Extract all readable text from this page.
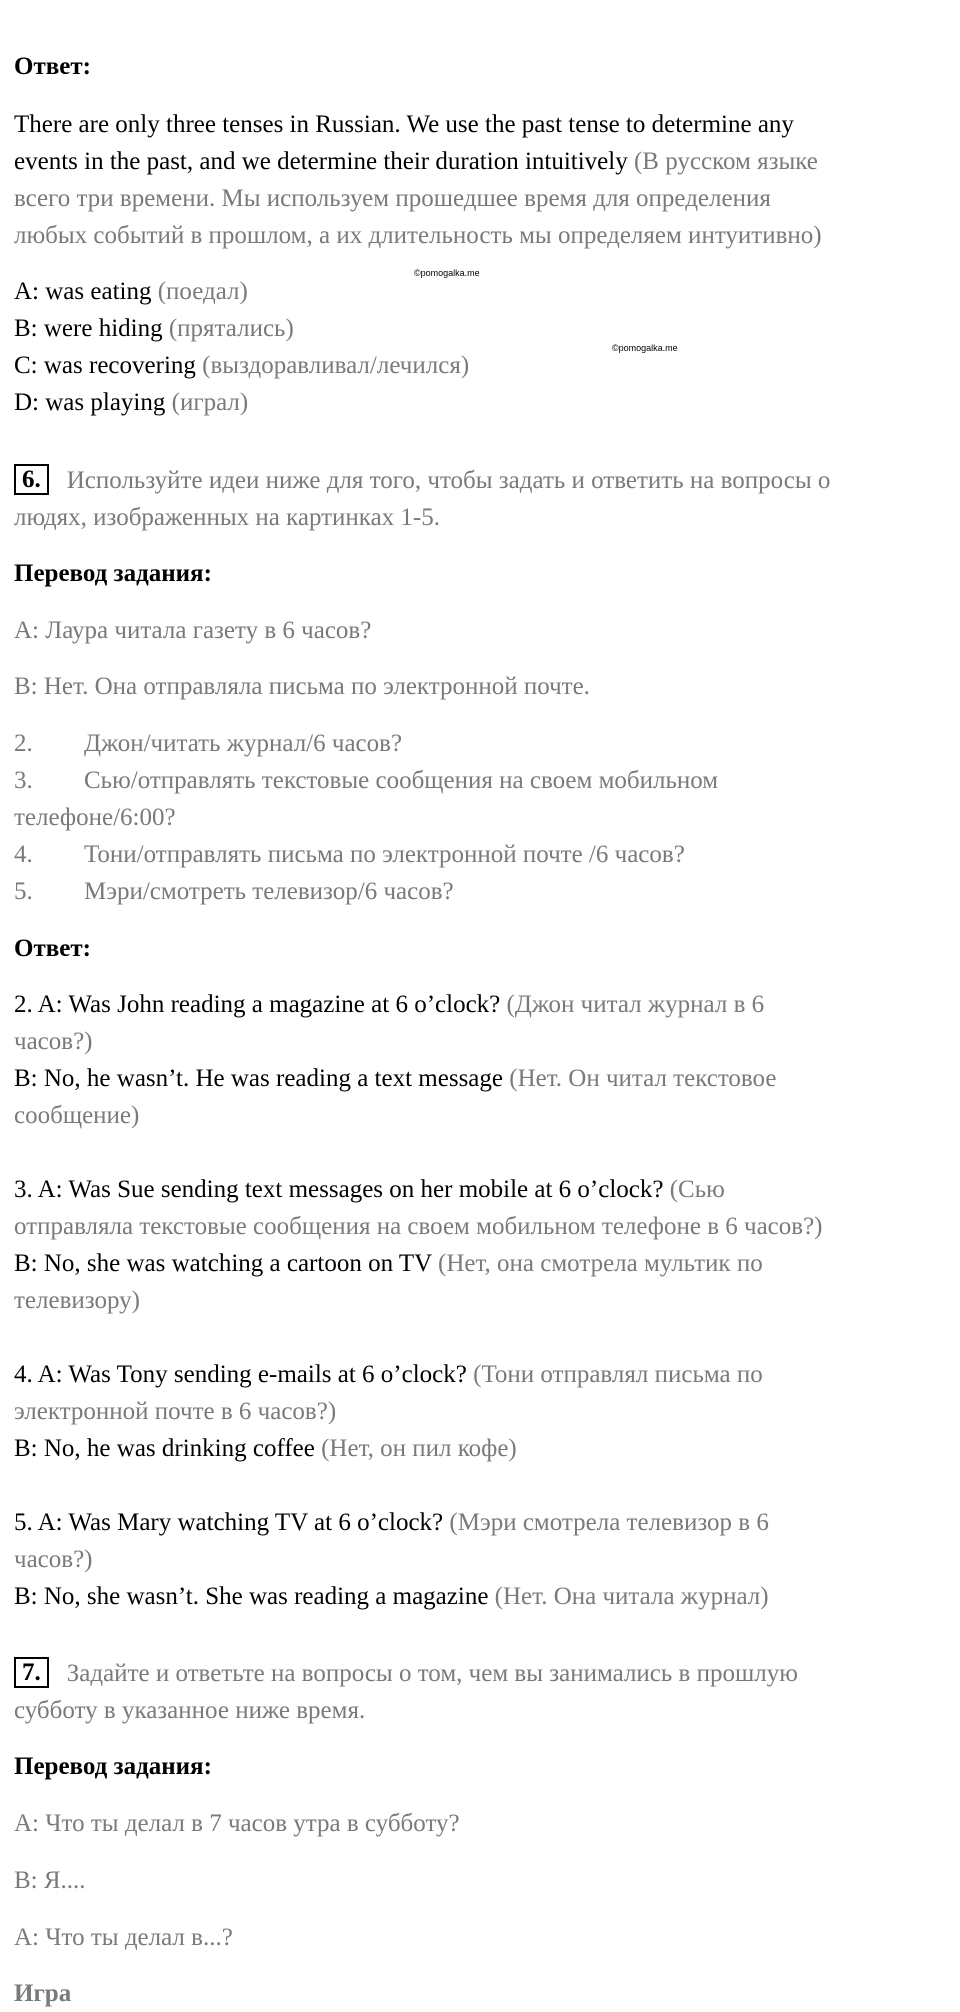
Ответ:
There are only three tenses in Russian. We use the past tense to determine any
events in the past, and we determine their duration intuitively (В русском языке
всего три времени. Мы используем прошедшее время для определения
любых событий в прошлом, а их длительность мы определяем интуитивно)
©pomogalka.me
©pomogalka.me
A: was eating (поедал)
B: were hiding (прятались)
C: was recovering (выздоравливал/лечился)
D: was playing (играл)
6. Используйте идеи ниже для того, чтобы задать и ответить на вопросы о
людях, изображенных на картинках 1-5.
Перевод задания:
A: Лаура читала газету в 6 часов?
В: Нет. Она отправляла письма по электронной почте.
2. Джон/читать журнал/6 часов?
3. Сью/отправлять текстовые сообщения на своем мобильном
телефоне/6:00?
4. Тони/отправлять письма по электронной почте /6 часов?
5. Мэри/смотреть телевизор/6 часов?
Ответ:
2. A: Was John reading a magazine at 6 o’clock? (Джон читал журнал в 6
часов?)
B: No, he wasn’t. He was reading a text message (Нет. Он читал текстовое
сообщение)
3. A: Was Sue sending text messages on her mobile at 6 o’clock? (Сью
отправляла текстовые сообщения на своем мобильном телефоне в 6 часов?)
B: No, she was watching a cartoon on TV (Нет, она смотрела мультик по
телевизору)
4. A: Was Tony sending e-mails at 6 o’clock? (Тони отправлял письма по
электронной почте в 6 часов?)
B: No, he was drinking coffee (Нет, он пил кофе)
5. A: Was Mary watching TV at 6 o’clock? (Мэри смотрела телевизор в 6
часов?)
B: No, she wasn’t. She was reading a magazine (Нет. Она читала журнал)
7. Задайте и ответьте на вопросы о том, чем вы занимались в прошлую
субботу в указанное ниже время.
Перевод задания:
А: Что ты делал в 7 часов утра в субботу?
В: Я....
А: Что ты делал в...?
Игра
